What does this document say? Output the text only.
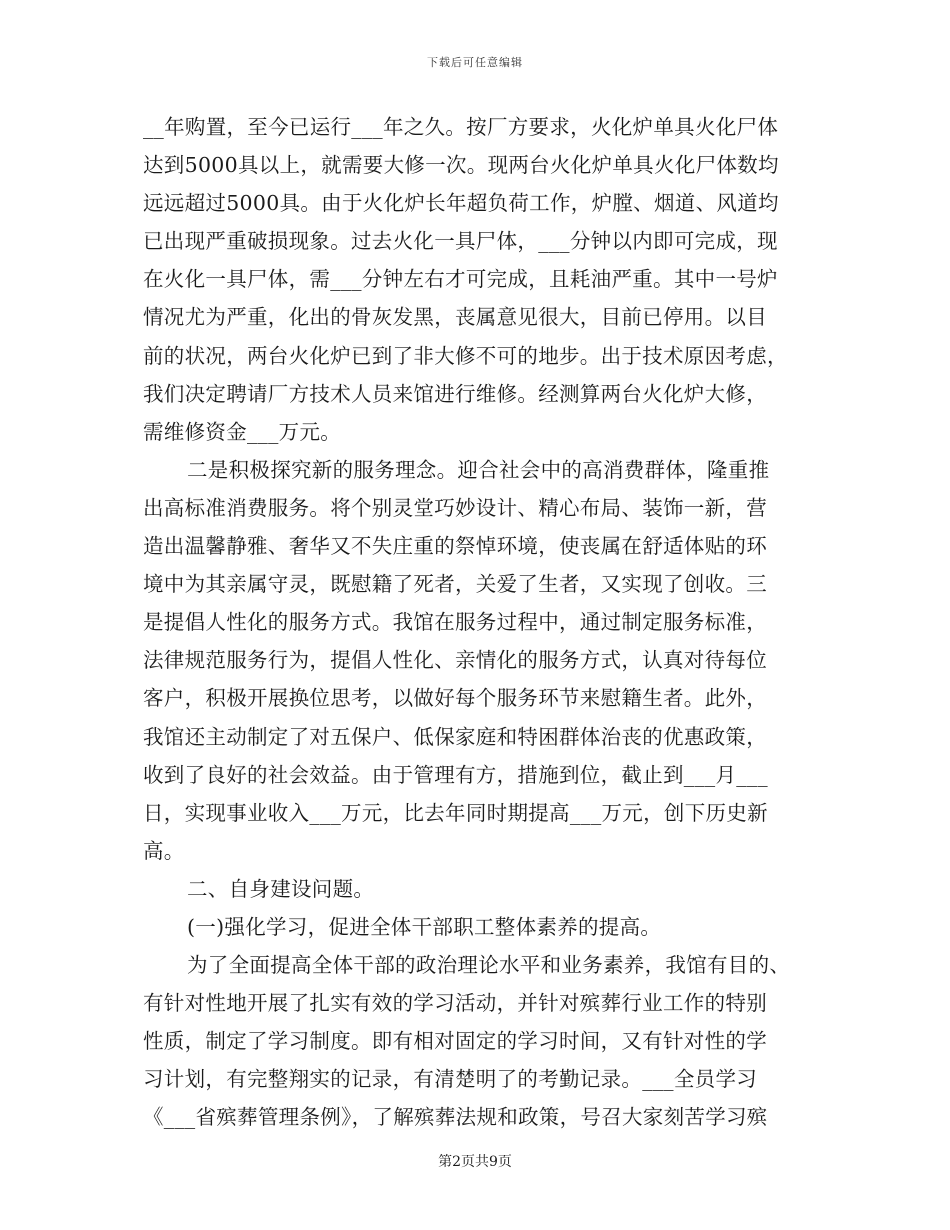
下载后可任意编辑
__年购置，至今已运行___年之久。按厂方要求，火化炉单具火化尸体
达到5000具以上，就需要大修一次。现两台火化炉单具火化尸体数均
远远超过5000具。由于火化炉长年超负荷工作，炉膛、烟道、风道均
已出现严重破损现象。过去火化一具尸体，___分钟以内即可完成，现
在火化一具尸体，需___分钟左右才可完成，且耗油严重。其中一号炉
情况尤为严重，化出的骨灰发黑，丧属意见很大，目前已停用。以目
前的状况，两台火化炉已到了非大修不可的地步。出于技术原因考虑，
我们决定聘请厂方技术人员来馆进行维修。经测算两台火化炉大修，
需维修资金___万元。
二是积极探究新的服务理念。迎合社会中的高消费群体，隆重推
出高标准消费服务。将个别灵堂巧妙设计、精心布局、装饰一新，营
造出温馨静雅、奢华又不失庄重的祭悼环境，使丧属在舒适体贴的环
境中为其亲属守灵，既慰籍了死者，关爱了生者，又实现了创收。三
是提倡人性化的服务方式。我馆在服务过程中，通过制定服务标准，
法律规范服务行为，提倡人性化、亲情化的服务方式，认真对待每位
客户，积极开展换位思考，以做好每个服务环节来慰籍生者。此外，
我馆还主动制定了对五保户、低保家庭和特困群体治丧的优惠政策，
收到了良好的社会效益。由于管理有方，措施到位，截止到___月___
日，实现事业收入___万元，比去年同时期提高___万元，创下历史新
高。
二、自身建设问题。
(一)强化学习，促进全体干部职工整体素养的提高。
为了全面提高全体干部的政治理论水平和业务素养，我馆有目的、
有针对性地开展了扎实有效的学习活动，并针对殡葬行业工作的特别
性质，制定了学习制度。即有相对固定的学习时间，又有针对性的学
习计划，有完整翔实的记录，有清楚明了的考勤记录。___全员学习
《___省殡葬管理条例》，了解殡葬法规和政策，号召大家刻苦学习殡
第2页共9页
